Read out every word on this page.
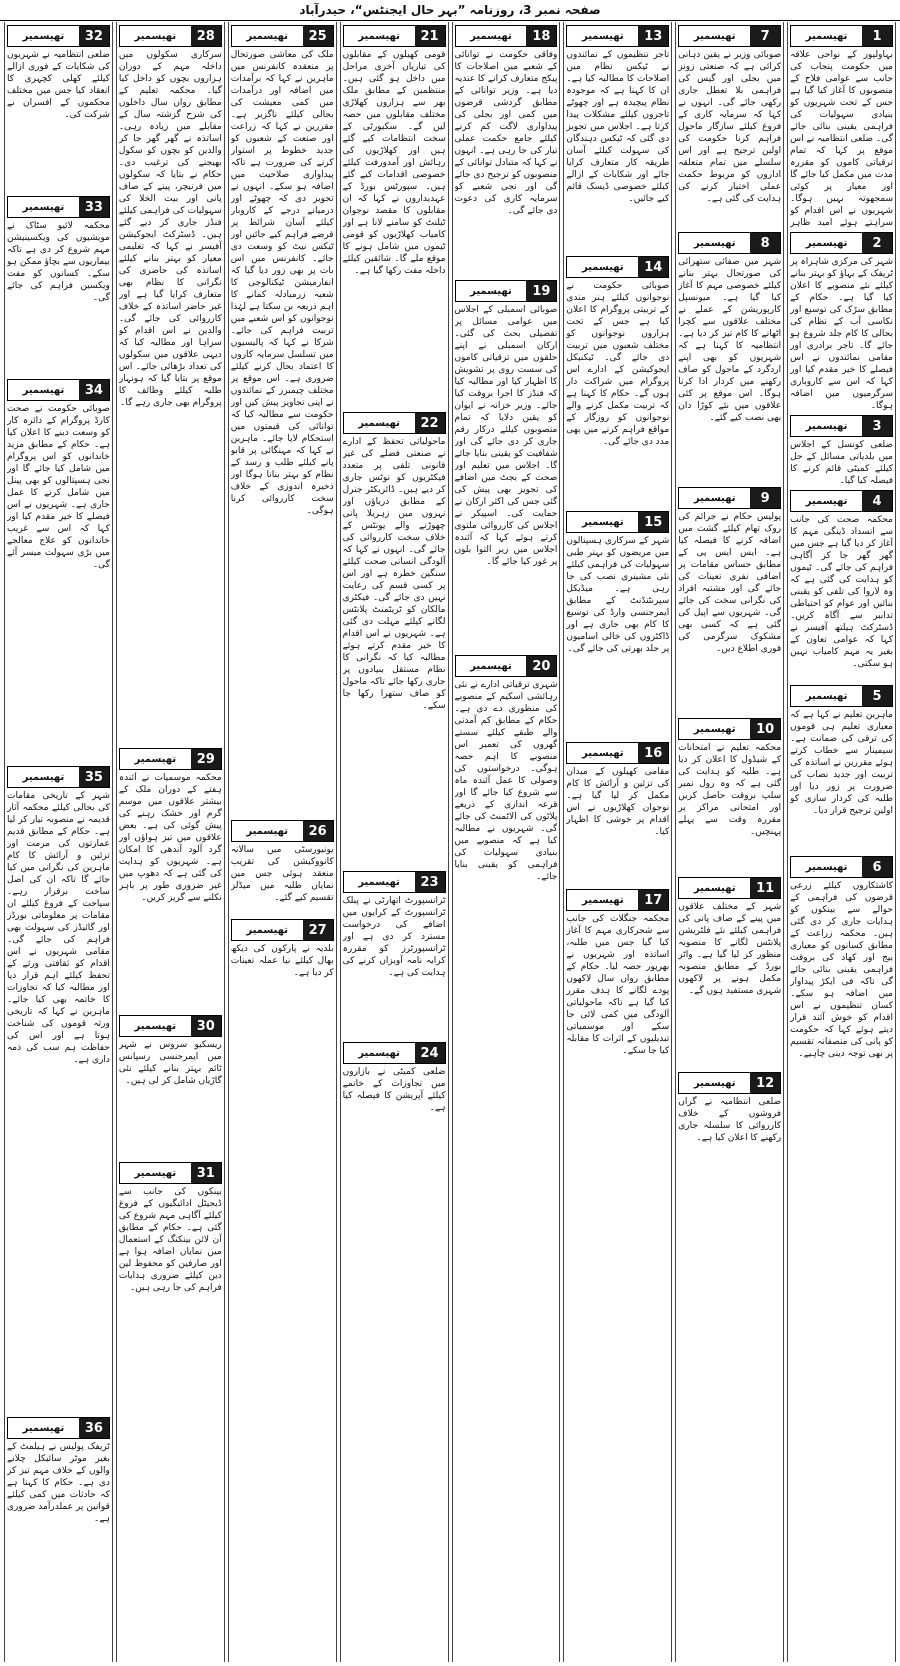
صفحہ نمبر 3، روزنامہ ”بہر حال ایجنٹس“، حیدرآباد
1
تھیسمیر
بہاولپور کے نواحی علاقہ میں حکومت پنجاب کی جانب سے عوامی فلاح کے منصوبوں کا آغاز کیا گیا ہے جس کے تحت شہریوں کو بنیادی سہولیات کی فراہمی یقینی بنائی جائے گی۔ ضلعی انتظامیہ نے اس موقع پر کہا کہ تمام ترقیاتی کاموں کو مقررہ مدت میں مکمل کیا جائے گا اور معیار پر کوئی سمجھوتہ نہیں ہوگا۔ شہریوں نے اس اقدام کو سراہتے ہوئے امید ظاہر
2
تھیسمیر
شہر کی مرکزی شاہراہ پر ٹریفک کے بہاؤ کو بہتر بنانے کیلئے نئے منصوبے کا اعلان کیا گیا ہے۔ حکام کے مطابق سڑک کی توسیع اور نکاسی آب کے نظام کی بحالی کا کام جلد شروع ہو جائے گا۔ تاجر برادری اور مقامی نمائندوں نے اس فیصلے کا خیر مقدم کیا اور کہا کہ اس سے کاروباری سرگرمیوں میں اضافہ ہوگا۔
3
تھیسمیر
ضلعی کونسل کے اجلاس میں بلدیاتی مسائل کے حل کیلئے کمیٹی قائم کرنے کا فیصلہ کیا گیا۔
4
تھیسمیر
محکمہ صحت کی جانب سے انسداد ڈینگی مہم کا آغاز کر دیا گیا ہے جس میں گھر گھر جا کر آگاہی فراہم کی جائے گی۔ ٹیموں کو ہدایت کی گئی ہے کہ وہ لاروا کی تلفی کو یقینی بنائیں اور عوام کو احتیاطی تدابیر سے آگاہ کریں۔ ڈسٹرکٹ ہیلتھ آفیسر نے کہا کہ عوامی تعاون کے بغیر یہ مہم کامیاب نہیں ہو سکتی۔
5
تھیسمیر
ماہرین تعلیم نے کہا ہے کہ معیاری تعلیم ہی قوموں کی ترقی کی ضمانت ہے۔ سیمینار سے خطاب کرتے ہوئے مقررین نے اساتذہ کی تربیت اور جدید نصاب کی ضرورت پر زور دیا اور طلبہ کی کردار سازی کو اولین ترجیح قرار دیا۔
6
تھیسمیر
کاشتکاروں کیلئے زرعی قرضوں کی فراہمی کے حوالے سے بینکوں کو ہدایات جاری کر دی گئی ہیں۔ محکمہ زراعت کے مطابق کسانوں کو معیاری بیج اور کھاد کی بروقت فراہمی یقینی بنائی جائے گی تاکہ فی ایکڑ پیداوار میں اضافہ ہو سکے۔ کسان تنظیموں نے اس اقدام کو خوش آئند قرار دیتے ہوئے کہا کہ حکومت کو پانی کی منصفانہ تقسیم پر بھی توجہ دینی چاہیے۔
7
تھیسمیر
صوبائی وزیر نے یقین دہانی کرائی ہے کہ صنعتی زونز میں بجلی اور گیس کی فراہمی بلا تعطل جاری رکھی جائے گی۔ انہوں نے کہا کہ سرمایہ کاری کے فروغ کیلئے سازگار ماحول فراہم کرنا حکومت کی اولین ترجیح ہے اور اس سلسلے میں تمام متعلقہ اداروں کو مربوط حکمت عملی اختیار کرنے کی ہدایت کی گئی ہے۔
8
تھیسمیر
شہر میں صفائی ستھرائی کی صورتحال بہتر بنانے کیلئے خصوصی مہم کا آغاز کیا گیا ہے۔ میونسپل کارپوریشن کے عملے نے مختلف علاقوں سے کچرا اٹھانے کا کام تیز کر دیا ہے۔ انتظامیہ کا کہنا ہے کہ شہریوں کو بھی اپنے اردگرد کے ماحول کو صاف رکھنے میں کردار ادا کرنا ہوگا۔ اس موقع پر کئی علاقوں میں نئے کوڑا دان بھی نصب کیے گئے۔
9
تھیسمیر
پولیس حکام نے جرائم کی روک تھام کیلئے گشت میں اضافہ کرنے کا فیصلہ کیا ہے۔ ایس ایس پی کے مطابق حساس مقامات پر اضافی نفری تعینات کی جائے گی اور مشتبہ افراد کی نگرانی سخت کی جائے گی۔ شہریوں سے اپیل کی گئی ہے کہ کسی بھی مشکوک سرگرمی کی فوری اطلاع دیں۔
10
تھیسمیر
محکمہ تعلیم نے امتحانات کے شیڈول کا اعلان کر دیا ہے۔ طلبہ کو ہدایت کی گئی ہے کہ وہ رول نمبر سلپ بروقت حاصل کریں اور امتحانی مراکز پر مقررہ وقت سے پہلے پہنچیں۔
11
تھیسمیر
شہر کے مختلف علاقوں میں پینے کے صاف پانی کی فراہمی کیلئے نئے فلٹریشن پلانٹس لگانے کا منصوبہ منظور کر لیا گیا ہے۔ واٹر بورڈ کے مطابق منصوبہ مکمل ہونے پر لاکھوں شہری مستفید ہوں گے۔
12
تھیسمیر
ضلعی انتظامیہ نے گراں فروشوں کے خلاف کارروائی کا سلسلہ جاری رکھنے کا اعلان کیا ہے۔
13
تھیسمیر
تاجر تنظیموں کے نمائندوں نے ٹیکس نظام میں اصلاحات کا مطالبہ کیا ہے۔ ان کا کہنا ہے کہ موجودہ نظام پیچیدہ ہے اور چھوٹے تاجروں کیلئے مشکلات پیدا کرتا ہے۔ اجلاس میں تجویز دی گئی کہ ٹیکس دہندگان کی سہولت کیلئے آسان طریقہ کار متعارف کرایا جائے اور شکایات کے ازالے کیلئے خصوصی ڈیسک قائم کیے جائیں۔
14
تھیسمیر
صوبائی حکومت نے نوجوانوں کیلئے ہنر مندی کے تربیتی پروگرام کا اعلان کیا ہے جس کے تحت ہزاروں نوجوانوں کو مختلف شعبوں میں تربیت دی جائے گی۔ ٹیکنیکل ایجوکیشن کے ادارے اس پروگرام میں شراکت دار ہوں گے۔ حکام کا کہنا ہے کہ تربیت مکمل کرنے والے نوجوانوں کو روزگار کے مواقع فراہم کرنے میں بھی مدد دی جائے گی۔
15
تھیسمیر
شہر کے سرکاری ہسپتالوں میں مریضوں کو بہتر طبی سہولیات کی فراہمی کیلئے نئی مشینری نصب کی جا رہی ہے۔ میڈیکل سپرنٹنڈنٹ کے مطابق ایمرجنسی وارڈ کی توسیع کا کام بھی جاری ہے اور ڈاکٹروں کی خالی اسامیوں پر جلد بھرتی کی جائے گی۔
16
تھیسمیر
مقامی کھیلوں کے میدان کی تزئین و آرائش کا کام مکمل کر لیا گیا ہے۔ نوجوان کھلاڑیوں نے اس اقدام پر خوشی کا اظہار کیا۔
17
تھیسمیر
محکمہ جنگلات کی جانب سے شجرکاری مہم کا آغاز کیا گیا جس میں طلبہ، اساتذہ اور شہریوں نے بھرپور حصہ لیا۔ حکام کے مطابق رواں سال لاکھوں پودے لگانے کا ہدف مقرر کیا گیا ہے تاکہ ماحولیاتی آلودگی میں کمی لائی جا سکے اور موسمیاتی تبدیلیوں کے اثرات کا مقابلہ کیا جا سکے۔
18
تھیسمیر
وفاقی حکومت نے توانائی کے شعبے میں اصلاحات کا پیکج متعارف کرانے کا عندیہ دیا ہے۔ وزیر توانائی کے مطابق گردشی قرضوں میں کمی اور بجلی کی پیداواری لاگت کم کرنے کیلئے جامع حکمت عملی تیار کی جا رہی ہے۔ انہوں نے کہا کہ متبادل توانائی کے منصوبوں کو ترجیح دی جائے گی اور نجی شعبے کو سرمایہ کاری کی دعوت دی جائے گی۔
19
تھیسمیر
صوبائی اسمبلی کے اجلاس میں عوامی مسائل پر تفصیلی بحث کی گئی۔ ارکان اسمبلی نے اپنے حلقوں میں ترقیاتی کاموں کی سست روی پر تشویش کا اظہار کیا اور مطالبہ کیا کہ فنڈز کا اجرا بروقت کیا جائے۔ وزیر خزانہ نے ایوان کو یقین دلایا کہ تمام منصوبوں کیلئے درکار رقم جاری کر دی جائے گی اور شفافیت کو یقینی بنایا جائے گا۔ اجلاس میں تعلیم اور صحت کے بجٹ میں اضافے کی تجویز بھی پیش کی گئی جس کی اکثر ارکان نے حمایت کی۔ اسپیکر نے اجلاس کی کارروائی ملتوی کرتے ہوئے کہا کہ آئندہ اجلاس میں زیر التوا بلوں پر غور کیا جائے گا۔
20
تھیسمیر
شہری ترقیاتی ادارے نے نئی رہائشی اسکیم کے منصوبے کی منظوری دے دی ہے۔ حکام کے مطابق کم آمدنی والے طبقے کیلئے سستے گھروں کی تعمیر اس منصوبے کا اہم حصہ ہوگی۔ درخواستوں کی وصولی کا عمل آئندہ ماہ سے شروع کیا جائے گا اور قرعہ اندازی کے ذریعے پلاٹوں کی الاٹمنٹ کی جائے گی۔ شہریوں نے مطالبہ کیا ہے کہ منصوبے میں بنیادی سہولیات کی فراہمی کو یقینی بنایا جائے۔
21
تھیسمیر
قومی کھیلوں کے مقابلوں کی تیاریاں آخری مراحل میں داخل ہو گئی ہیں۔ منتظمین کے مطابق ملک بھر سے ہزاروں کھلاڑی مختلف مقابلوں میں حصہ لیں گے۔ سکیورٹی کے سخت انتظامات کیے گئے ہیں اور کھلاڑیوں کی رہائش اور آمدورفت کیلئے خصوصی اقدامات کیے گئے ہیں۔ سپورٹس بورڈ کے عہدیداروں نے کہا کہ ان مقابلوں کا مقصد نوجوان ٹیلنٹ کو سامنے لانا ہے اور کامیاب کھلاڑیوں کو قومی ٹیموں میں شامل ہونے کا موقع ملے گا۔ شائقین کیلئے داخلہ مفت رکھا گیا ہے۔
22
تھیسمیر
ماحولیاتی تحفظ کے ادارے نے صنعتی فضلے کی غیر قانونی تلفی پر متعدد فیکٹریوں کو نوٹس جاری کر دیے ہیں۔ ڈائریکٹر جنرل کے مطابق دریاؤں اور نہروں میں زہریلا پانی چھوڑنے والے یونٹس کے خلاف سخت کارروائی کی جائے گی۔ انہوں نے کہا کہ آلودگی انسانی صحت کیلئے سنگین خطرہ ہے اور اس پر کسی قسم کی رعایت نہیں دی جائے گی۔ فیکٹری مالکان کو ٹریٹمنٹ پلانٹس لگانے کیلئے مہلت دی گئی ہے۔ شہریوں نے اس اقدام کا خیر مقدم کرتے ہوئے مطالبہ کیا کہ نگرانی کا نظام مستقل بنیادوں پر جاری رکھا جائے تاکہ ماحول کو صاف ستھرا رکھا جا سکے۔
23
تھیسمیر
ٹرانسپورٹ اتھارٹی نے پبلک ٹرانسپورٹ کے کرایوں میں اضافے کی درخواست مسترد کر دی ہے اور ٹرانسپورٹرز کو مقررہ کرایہ نامہ آویزاں کرنے کی ہدایت کی ہے۔
24
تھیسمیر
ضلعی کمیٹی نے بازاروں میں تجاوزات کے خاتمے کیلئے آپریشن کا فیصلہ کیا ہے۔
25
تھیسمیر
ملک کی معاشی صورتحال پر منعقدہ کانفرنس میں ماہرین نے کہا کہ برآمدات میں اضافہ اور درآمدات میں کمی معیشت کی بحالی کیلئے ناگزیر ہے۔ مقررین نے کہا کہ زراعت اور صنعت کے شعبوں کو جدید خطوط پر استوار کرنے کی ضرورت ہے تاکہ پیداواری صلاحیت میں اضافہ ہو سکے۔ انہوں نے تجویز دی کہ چھوٹے اور درمیانے درجے کے کاروبار کیلئے آسان شرائط پر قرضے فراہم کیے جائیں اور ٹیکس نیٹ کو وسعت دی جائے۔ کانفرنس میں اس بات پر بھی زور دیا گیا کہ انفارمیشن ٹیکنالوجی کا شعبہ زرمبادلہ کمانے کا اہم ذریعہ بن سکتا ہے لہٰذا نوجوانوں کو اس شعبے میں تربیت فراہم کی جائے۔ شرکا نے کہا کہ پالیسیوں میں تسلسل سرمایہ کاروں کا اعتماد بحال کرنے کیلئے ضروری ہے۔ اس موقع پر مختلف چیمبرز کے نمائندوں نے اپنی تجاویز پیش کیں اور حکومت سے مطالبہ کیا کہ توانائی کی قیمتوں میں استحکام لایا جائے۔ ماہرین نے کہا کہ مہنگائی پر قابو پانے کیلئے طلب و رسد کے نظام کو بہتر بنانا ہوگا اور ذخیرہ اندوزی کے خلاف سخت کارروائی کرنا ہوگی۔
26
تھیسمیر
یونیورسٹی میں سالانہ کانووکیشن کی تقریب منعقد ہوئی جس میں نمایاں طلبہ میں میڈلز تقسیم کیے گئے۔
27
تھیسمیر
بلدیہ نے پارکوں کی دیکھ بھال کیلئے نیا عملہ تعینات کر دیا ہے۔
28
تھیسمیر
سرکاری سکولوں میں داخلہ مہم کے دوران ہزاروں بچوں کو داخل کیا گیا۔ محکمہ تعلیم کے مطابق رواں سال داخلوں کی شرح گزشتہ سال کے مقابلے میں زیادہ رہی۔ اساتذہ نے گھر گھر جا کر والدین کو بچوں کو سکول بھیجنے کی ترغیب دی۔ حکام نے بتایا کہ سکولوں میں فرنیچر، پینے کے صاف پانی اور بیت الخلا کی سہولیات کی فراہمی کیلئے فنڈز جاری کر دیے گئے ہیں۔ ڈسٹرکٹ ایجوکیشن آفیسر نے کہا کہ تعلیمی معیار کو بہتر بنانے کیلئے اساتذہ کی حاضری کی نگرانی کا نظام بھی متعارف کرایا گیا ہے اور غیر حاضر اساتذہ کے خلاف کارروائی کی جائے گی۔ والدین نے اس اقدام کو سراہا اور مطالبہ کیا کہ دیہی علاقوں میں سکولوں کی تعداد بڑھائی جائے۔ اس موقع پر بتایا گیا کہ ہونہار طلبہ کیلئے وظائف کا پروگرام بھی جاری رہے گا۔
29
تھیسمیر
محکمہ موسمیات نے آئندہ ہفتے کے دوران ملک کے بیشتر علاقوں میں موسم گرم اور خشک رہنے کی پیش گوئی کی ہے۔ بعض علاقوں میں تیز ہواؤں اور گرد آلود آندھی کا امکان ہے۔ شہریوں کو ہدایت کی گئی ہے کہ دھوپ میں غیر ضروری طور پر باہر نکلنے سے گریز کریں۔
30
تھیسمیر
ریسکیو سروس نے شہر میں ایمرجنسی رسپانس ٹائم بہتر بنانے کیلئے نئی گاڑیاں شامل کر لی ہیں۔
31
تھیسمیر
بینکوں کی جانب سے ڈیجیٹل ادائیگیوں کے فروغ کیلئے آگاہی مہم شروع کی گئی ہے۔ حکام کے مطابق آن لائن بینکنگ کے استعمال میں نمایاں اضافہ ہوا ہے اور صارفین کو محفوظ لین دین کیلئے ضروری ہدایات فراہم کی جا رہی ہیں۔
32
تھیسمیر
ضلعی انتظامیہ نے شہریوں کی شکایات کے فوری ازالے کیلئے کھلی کچہری کا انعقاد کیا جس میں مختلف محکموں کے افسران نے شرکت کی۔
33
تھیسمیر
محکمہ لائیو سٹاک نے مویشیوں کی ویکسینیشن مہم شروع کر دی ہے تاکہ بیماریوں سے بچاؤ ممکن ہو سکے۔ کسانوں کو مفت ویکسین فراہم کی جائے گی۔
34
تھیسمیر
صوبائی حکومت نے صحت کارڈ پروگرام کے دائرہ کار کو وسعت دینے کا اعلان کیا ہے۔ حکام کے مطابق مزید خاندانوں کو اس پروگرام میں شامل کیا جائے گا اور نجی ہسپتالوں کو بھی پینل میں شامل کرنے کا عمل جاری ہے۔ شہریوں نے اس فیصلے کا خیر مقدم کیا اور کہا کہ اس سے غریب خاندانوں کو علاج معالجے میں بڑی سہولت میسر آئے گی۔
35
تھیسمیر
شہر کے تاریخی مقامات کی بحالی کیلئے محکمہ آثار قدیمہ نے منصوبہ تیار کر لیا ہے۔ حکام کے مطابق قدیم عمارتوں کی مرمت اور تزئین و آرائش کا کام ماہرین کی نگرانی میں کیا جائے گا تاکہ ان کی اصل ساخت برقرار رہے۔ سیاحت کے فروغ کیلئے ان مقامات پر معلوماتی بورڈز اور گائیڈز کی سہولت بھی فراہم کی جائے گی۔ مقامی شہریوں نے اس اقدام کو ثقافتی ورثے کے تحفظ کیلئے اہم قرار دیا اور مطالبہ کیا کہ تجاوزات کا خاتمہ بھی کیا جائے۔ ماہرین نے کہا کہ تاریخی ورثہ قوموں کی شناخت ہوتا ہے اور اس کی حفاظت ہم سب کی ذمہ داری ہے۔
36
تھیسمیر
ٹریفک پولیس نے ہیلمٹ کے بغیر موٹر سائیکل چلانے والوں کے خلاف مہم تیز کر دی ہے۔ حکام کا کہنا ہے کہ حادثات میں کمی کیلئے قوانین پر عملدرآمد ضروری ہے۔
